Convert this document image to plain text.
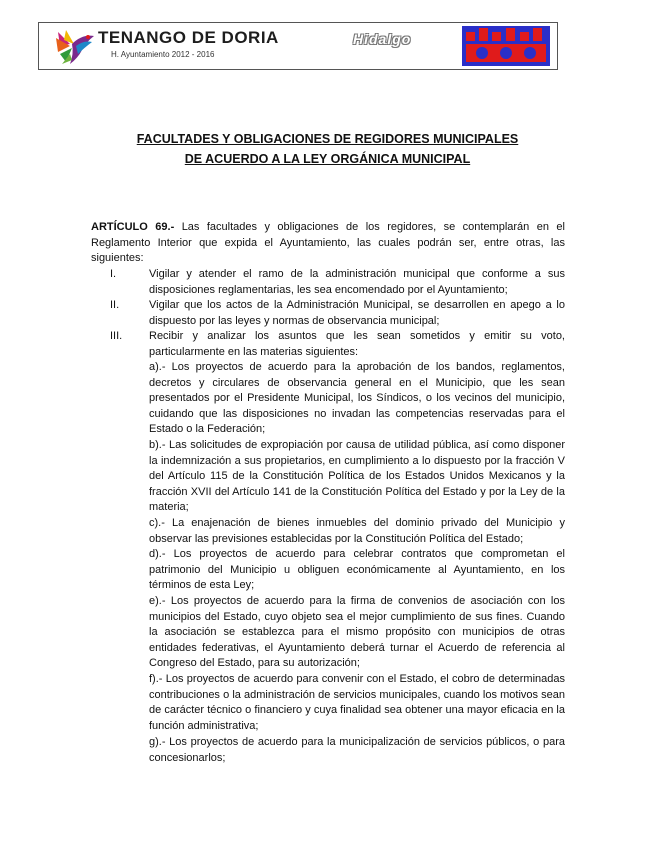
TENANGO DE DORIA	Hidalgo
H. Ayuntamiento 2012 - 2016
FACULTADES Y OBLIGACIONES DE REGIDORES MUNICIPALES
DE ACUERDO A LA LEY ORGÁNICA MUNICIPAL
ARTÍCULO 69.- Las facultades y obligaciones de los regidores, se contemplarán en el Reglamento Interior que expida el Ayuntamiento, las cuales podrán ser, entre otras, las siguientes:
I.	Vigilar y atender el ramo de la administración municipal que conforme a sus disposiciones reglamentarias, les sea encomendado por el Ayuntamiento;
II.	Vigilar que los actos de la Administración Municipal, se desarrollen en apego a lo dispuesto por las leyes y normas de observancia municipal;
III. Recibir y analizar los asuntos que les sean sometidos y emitir su voto, particularmente en las materias siguientes:
a).- Los proyectos de acuerdo para la aprobación de los bandos, reglamentos, decretos y circulares de observancia general en el Municipio, que les sean presentados por el Presidente Municipal, los Síndicos, o los vecinos del municipio, cuidando que las disposiciones no invadan las competencias reservadas para el Estado o la Federación;
b).- Las solicitudes de expropiación por causa de utilidad pública, así como disponer la indemnización a sus propietarios, en cumplimiento a lo dispuesto por la fracción V del Artículo 115 de la Constitución Política de los Estados Unidos Mexicanos y la fracción XVII del Artículo 141 de la Constitución Política del Estado y por la Ley de la materia;
c).- La enajenación de bienes inmuebles del dominio privado del Municipio y observar las previsiones establecidas por la Constitución Política del Estado;
d).- Los proyectos de acuerdo para celebrar contratos que comprometan el patrimonio del Municipio u obliguen económicamente al Ayuntamiento, en los términos de esta Ley;
e).- Los proyectos de acuerdo para la firma de convenios de asociación con los municipios del Estado, cuyo objeto sea el mejor cumplimiento de sus fines. Cuando la asociación se establezca para el mismo propósito con municipios de otras entidades federativas, el Ayuntamiento deberá turnar el Acuerdo de referencia al Congreso del Estado, para su autorización;
f).- Los proyectos de acuerdo para convenir con el Estado, el cobro de determinadas contribuciones o la administración de servicios municipales, cuando los motivos sean de carácter técnico o financiero y cuya finalidad sea obtener una mayor eficacia en la función administrativa;
g).- Los proyectos de acuerdo para la municipalización de servicios públicos, o para concesionarlos;
